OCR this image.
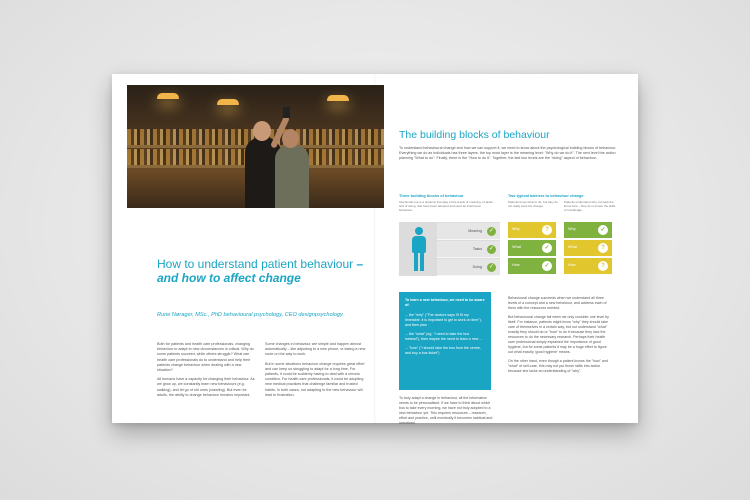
How to understand patient behaviour – and how to affect change
Rune Nørager, MSc., PhD behavioural psychology, CEO designpsychology.

Both for patients and health care professionals, changing behaviour to adapt to new circumstances is critical. Why do some patients succeed, while others struggle? What can health care professionals do to understand and help their patients change behaviour when dealing with a new situation?

All humans have a capacity for changing their behaviour. As we grow up, we constantly learn new behaviours (e.g. walking), and let go of old ones (crawling). But even for adults, the ability to change behaviour remains important.

Some changes in behaviour are simple and happen almost automatically – like adjusting to a new phone, or taking a new route on the way to work.

But in some situations behaviour change requires great effort and can keep us struggling to adapt for a long time. For patients, it could be suddenly having to deal with a chronic condition. For health care professionals, it could be adopting new medical practices that challenge familiar and trusted habits. In both cases, not adapting to the new behaviour will lead to frustration.

The building blocks of behaviour
To understand behavioural change and how we can support it, we need to know about the psychological building blocks of behaviour. Everything we do as individuals has three layers, the top most layer is the meaning level: "Why do we do it". The next level the action planning "What to do". Finally, there is the "How to do it". Together, the last two levels are the "doing" aspect of behaviour.
Three building blocks of behaviour
Intentional use is a dynamic interplay of the levels of meaning, of tasks, and of doing, that have been adopted and used as intentional behaviour.
Meaning	✓
Tasks	✓
Doing	✓
Two typical barriers to behaviour change
Patients know what to do, but they do not really want the change.
Patients understand why, but lack the know-how – they do not have the skills or knowledge.
Why	?	Why	✓
What	✓	What	?
How	✓	How	?
To learn a new behaviour, we need to be aware of:

... the "why" ("The doctors says I'll fit my timetable, it is important to get to work on time"), and then plan

... the "what" (eg. "I need to take the bus instead"), then maybe the need to learn a new ...

... "how" ("I should take the bus from the centre, and buy a bus ticket")

To truly adapt a change in behaviour, all the information needs to be personalised. If we have to think about which bus to take every morning, we have not truly adopted to a new behaviour yet. This requires resources – research, effort and practice, until eventually it becomes habitual and unnoticed.

Behavioural change succeeds when we understand all three levels of a concept and a new behaviour, and address each of them with the resources needed.

But behavioural change fail when we only consider one level by itself. For instance, patients might know "why" they should take care of themselves in a certain way, but not understand "what" exactly they should do or "how" to do it because they lack the resources to do the necessary research. Perhaps their health care professional simply explained the importance of good hygiene, but for some patients it may be a huge effort to figure out what exactly 'good hygiene' means.

On the other hand, even though a patient knows the "how" and "what" of self-care, this may not put those skills into action because she lacks an understanding of "why".
